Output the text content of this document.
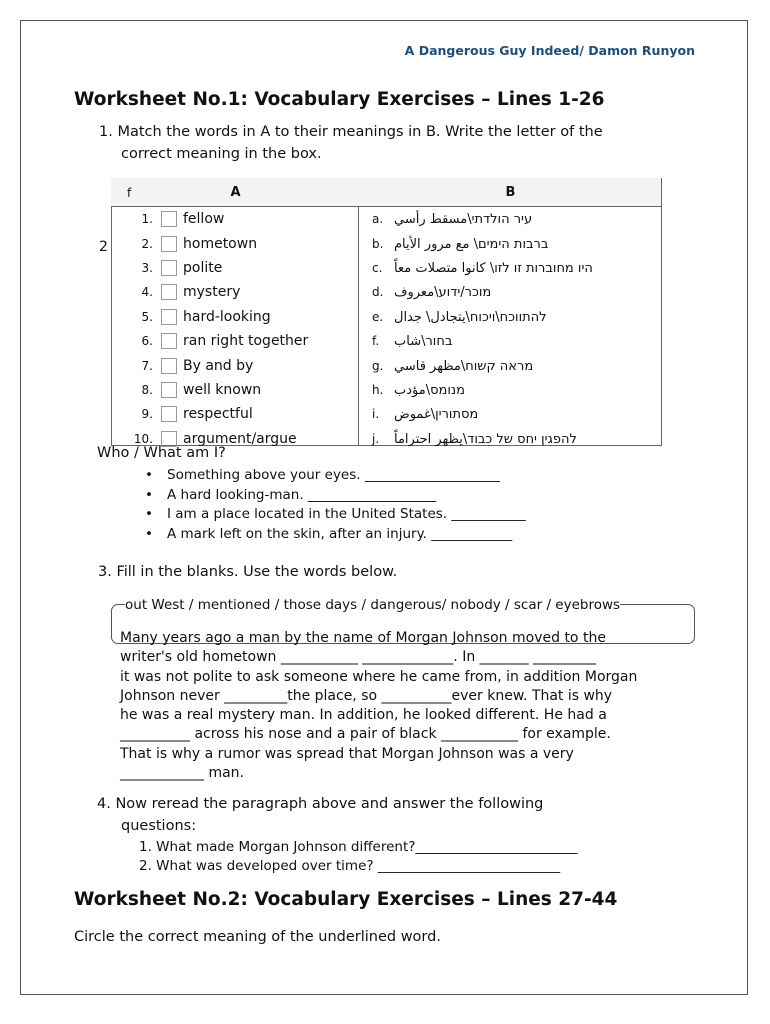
A Dangerous Guy Indeed/ Damon Runyon
Worksheet No.1: Vocabulary Exercises – Lines 1-26
1. Match the words in A to their meanings in B. Write the letter of the
correct meaning in the box.
2
f A	B
1. fellow	a. עיר הולדתי\مسقط رأسي
2. hometown	b. ברבות הימים\ مع مرور الأيام
3. polite	c. היו מחוברות זו לזו\ كانوا متصلات معاً
4. mystery	d. מוכר/ידוע\معروف
5. hard-looking	e. להתווכח\ויכוח\يتجادل\ جدال
6. ran right together	f. בחור\شاب
7. By and by	g. מראה קשוח\مظهر قاسي
8. well known	h. מנומס\مؤدب
9. respectful	i. מסתורין\غموض
10. argument/argue	j. להפגין יחס של כבוד\يظهر احتراماً
Who / What am I?
• Something above your eyes. ____________________
• A hard looking-man. ___________________
• I am a place located in the United States. ___________
• A mark left on the skin, after an injury. ____________
3. Fill in the blanks. Use the words below.
out West / mentioned / those days / dangerous/ nobody / scar / eyebrows
Many years ago a man by the name of Morgan Johnson moved to the
writer's old hometown ___________ _____________. In _______ _________
it was not polite to ask someone where he came from, in addition Morgan
Johnson never _________the place, so __________ever knew. That is why
he was a real mystery man. In addition, he looked different. He had a
__________ across his nose and a pair of black ___________ for example.
That is why a rumor was spread that Morgan Johnson was a very
____________ man.
4. Now reread the paragraph above and answer the following
questions:
1. What made Morgan Johnson different?________________________
2. What was developed over time? ___________________________
Worksheet No.2: Vocabulary Exercises – Lines 27-44
Circle the correct meaning of the underlined word.
